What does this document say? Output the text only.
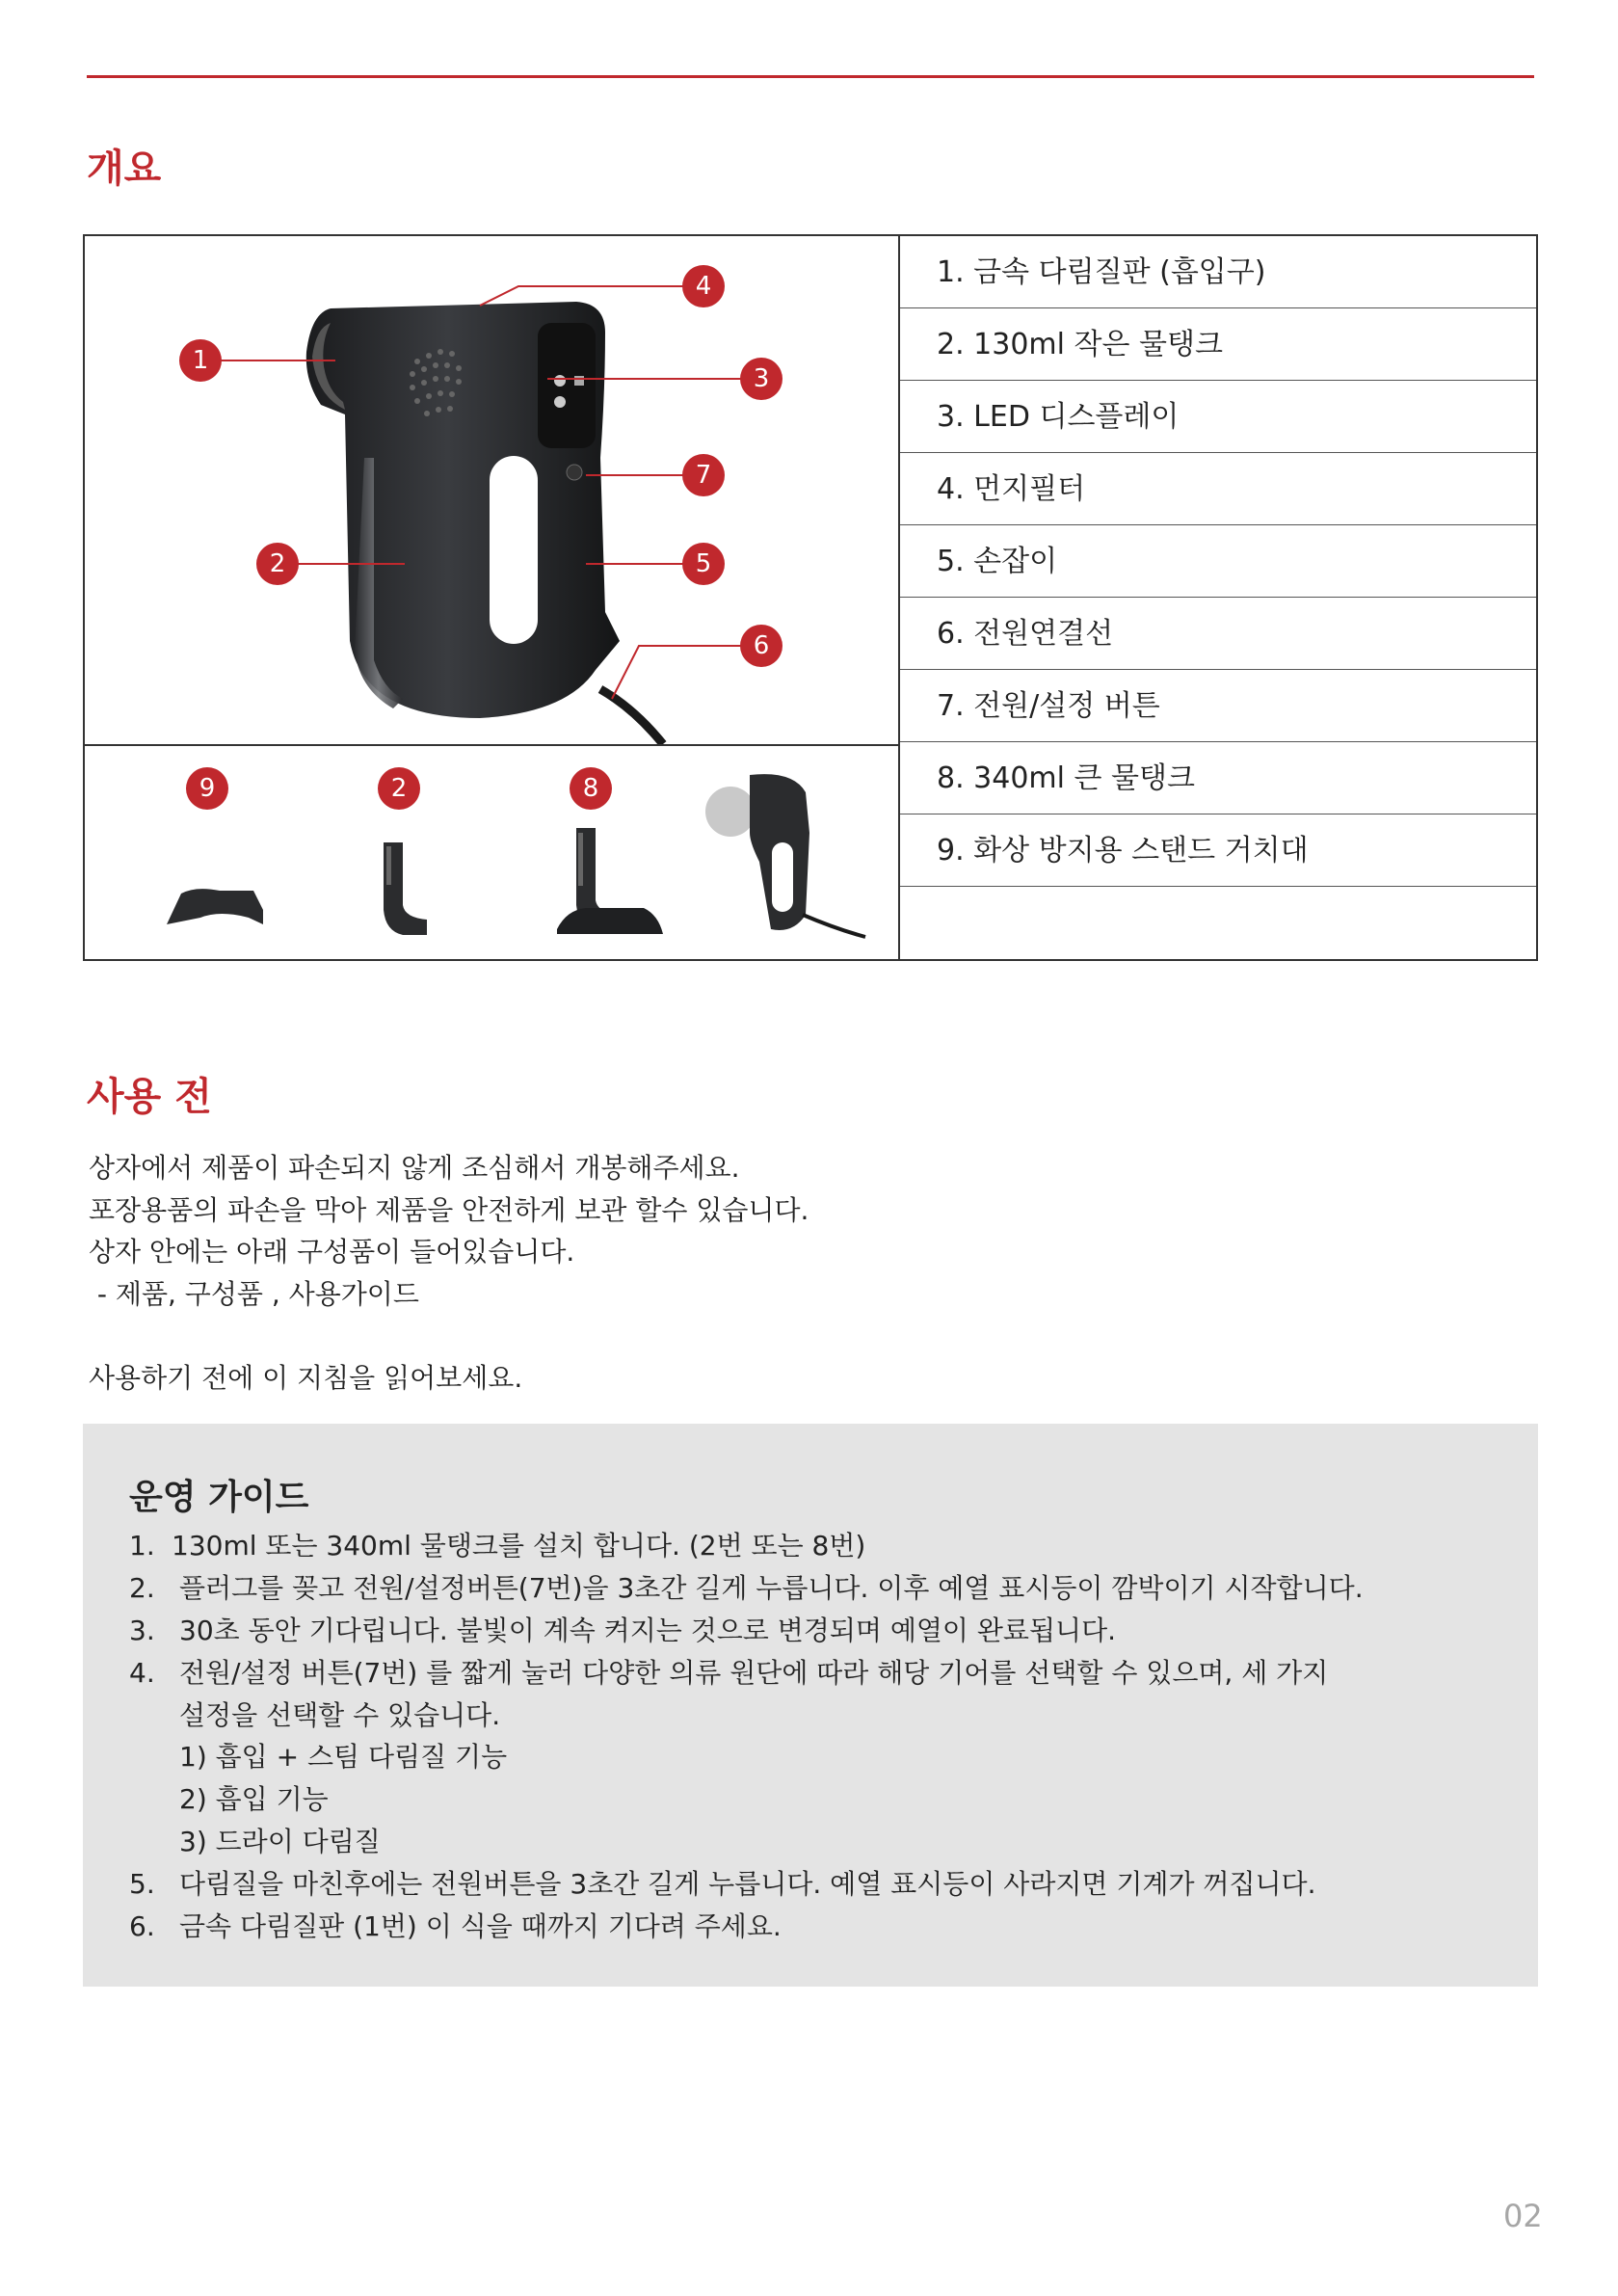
개요
1
2
3
4
7
5
6
9	2	8
1. 금속 다림질판 (흡입구)
2. 130ml 작은 물탱크
3. LED 디스플레이
4. 먼지필터
5. 손잡이
6. 전원연결선
7. 전원/설정 버튼
8. 340ml 큰 물탱크
9. 화상 방지용 스탠드 거치대
사용 전
상자에서 제품이 파손되지 않게 조심해서 개봉해주세요.
포장용품의 파손을 막아 제품을 안전하게 보관 할수 있습니다.
상자 안에는 아래 구성품이 들어있습니다.
- 제품, 구성품 , 사용가이드
사용하기 전에 이 지침을 읽어보세요.
운영 가이드
1. 130ml 또는 340ml 물탱크를 설치 합니다. (2번 또는 8번)
2. 플러그를 꽂고 전원/설정버튼(7번)을 3초간 길게 누릅니다. 이후 예열 표시등이 깜박이기 시작합니다.
3. 30초 동안 기다립니다. 불빛이 계속 켜지는 것으로 변경되며 예열이 완료됩니다.
4. 전원/설정 버튼(7번) 를 짧게 눌러 다양한 의류 원단에 따라 해당 기어를 선택할 수 있으며, 세 가지
설정을 선택할 수 있습니다.
1) 흡입 + 스팀 다림질 기능
2) 흡입 기능
3) 드라이 다림질
5. 다림질을 마친후에는 전원버튼을 3초간 길게 누릅니다. 예열 표시등이 사라지면 기계가 꺼집니다.
6. 금속 다림질판 (1번) 이 식을 때까지 기다려 주세요.
02
